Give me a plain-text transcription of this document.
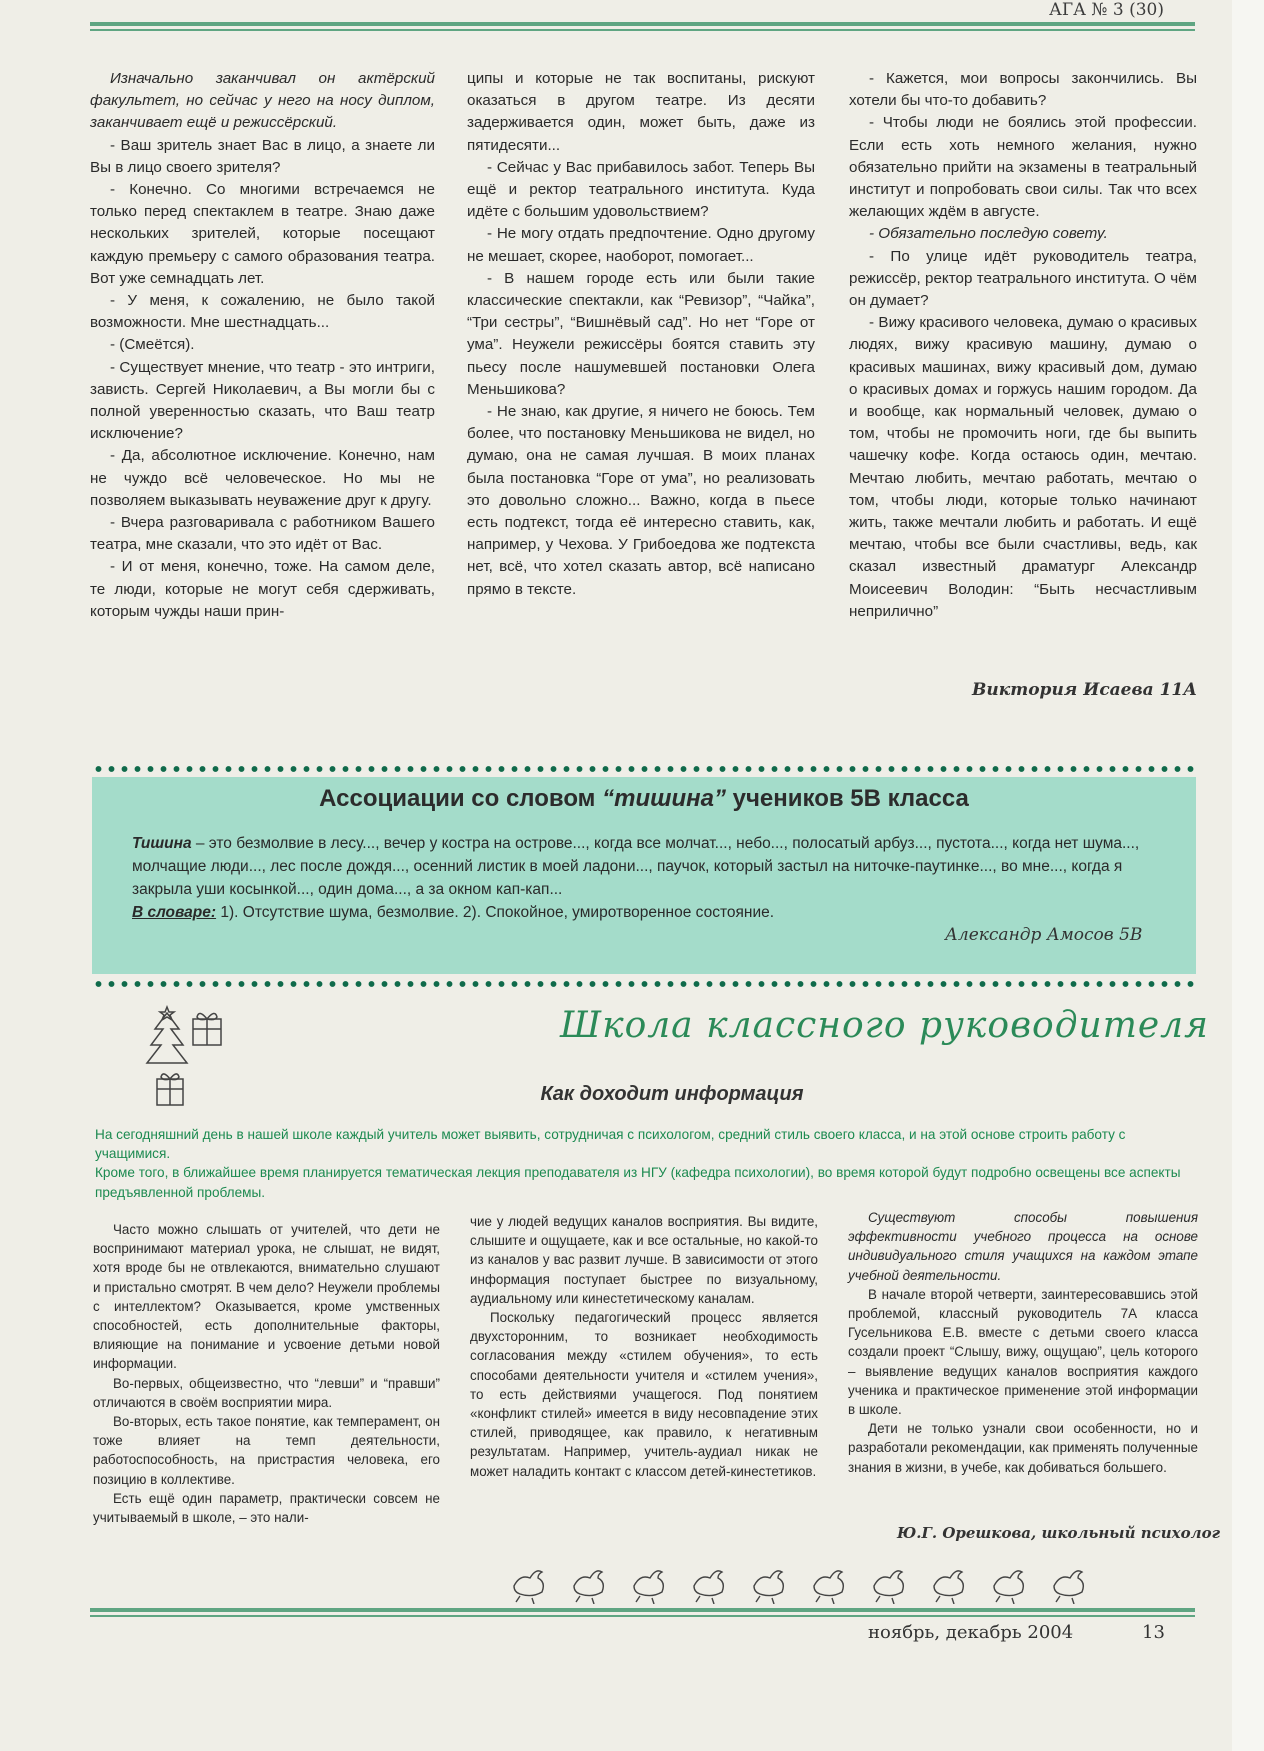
АГА № 3 (30)

Изначально заканчивал он актёрский факультет, но сейчас у него на носу диплом, заканчивает ещё и режиссёрский.

- Ваш зритель знает Вас в лицо, а знаете ли Вы в лицо своего зрителя?

- Конечно. Со многими встречаемся не только перед спектаклем в театре. Знаю даже нескольких зрителей, которые посещают каждую премьеру с самого образования театра. Вот уже семнадцать лет.

- У меня, к сожалению, не было такой возможности. Мне шестнадцать...

- (Смеётся).

- Существует мнение, что театр - это интриги, зависть. Сергей Николаевич, а Вы могли бы с полной уверенностью сказать, что Ваш театр исключение?

- Да, абсолютное исключение. Конечно, нам не чуждо всё человеческое. Но мы не позволяем выказывать неуважение друг к другу.

- Вчера разговаривала с работником Вашего театра, мне сказали, что это идёт от Вас.

- И от меня, конечно, тоже. На самом деле, те люди, которые не могут себя сдерживать, которым чужды наши прин-

ципы и которые не так воспитаны, рискуют оказаться в другом театре. Из десяти задерживается один, может быть, даже из пятидесяти...

- Сейчас у Вас прибавилось забот. Теперь Вы ещё и ректор театрального института. Куда идёте с большим удовольствием?

- Не могу отдать предпочтение. Одно другому не мешает, скорее, наоборот, помогает...

- В нашем городе есть или были такие классические спектакли, как “Ревизор”, “Чайка”, “Три сестры”, “Вишнёвый сад”. Но нет “Горе от ума”. Неужели режиссёры боятся ставить эту пьесу после нашумевшей постановки Олега Меньшикова?

- Не знаю, как другие, я ничего не боюсь. Тем более, что постановку Меньшикова не видел, но думаю, она не самая лучшая. В моих планах была постановка “Горе от ума”, но реализовать это довольно сложно... Важно, когда в пьесе есть подтекст, тогда её интересно ставить, как, например, у Чехова. У Грибоедова же подтекста нет, всё, что хотел сказать автор, всё написано прямо в тексте.

- Кажется, мои вопросы закончились. Вы хотели бы что-то добавить?

- Чтобы люди не боялись этой профессии. Если есть хоть немного желания, нужно обязательно прийти на экзамены в театральный институт и попробовать свои силы. Так что всех желающих ждём в августе.

- Обязательно последую совету.

- По улице идёт руководитель театра, режиссёр, ректор театрального института. О чём он думает?

- Вижу красивого человека, думаю о красивых людях, вижу красивую машину, думаю о красивых машинах, вижу красивый дом, думаю о красивых домах и горжусь нашим городом. Да и вообще, как нормальный человек, думаю о том, чтобы не промочить ноги, где бы выпить чашечку кофе. Когда остаюсь один, мечтаю. Мечтаю любить, мечтаю работать, мечтаю о том, чтобы люди, которые только начинают жить, также мечтали любить и работать. И ещё мечтаю, чтобы все были счастливы, ведь, как сказал известный драматург Александр Моисеевич Володин: “Быть несчастливым неприлично”

Виктория Исаева 11А
Ассоциации со словом “тишина” учеников 5В класса
Тишина – это безмолвие в лесу..., вечер у костра на острове..., когда все молчат..., небо..., полосатый арбуз..., пустота..., когда нет шума..., молчащие люди..., лес после дождя..., осенний листик в моей ладони..., паучок, который застыл на ниточке-паутинке..., во мне..., когда я закрыла уши косынкой..., один дома..., а за окном кап-кап...
В словаре: 1). Отсутствие шума, безмолвие. 2). Спокойное, умиротворенное состояние.
Александр Амосов 5В
Школа классного руководителя
Как доходит информация

На сегодняшний день в нашей школе каждый учитель может выявить, сотрудничая с психологом, средний стиль своего класса, и на этой основе строить работу с учащимися.

Кроме того, в ближайшее время планируется тематическая лекция преподавателя из НГУ (кафедра психологии), во время которой будут подробно освещены все аспекты предъявленной проблемы.

Часто можно слышать от учителей, что дети не воспринимают материал урока, не слышат, не видят, хотя вроде бы не отвлекаются, внимательно слушают и пристально смотрят. В чем дело? Неужели проблемы с интеллектом? Оказывается, кроме умственных способностей, есть дополнительные факторы, влияющие на понимание и усвоение детьми новой информации.

Во-первых, общеизвестно, что “левши” и “правши” отличаются в своём восприятии мира.

Во-вторых, есть такое понятие, как темперамент, он тоже влияет на темп деятельности, работоспособность, на пристрастия человека, его позицию в коллективе.

Есть ещё один параметр, практически совсем не учитываемый в школе, – это нали-

чие у людей ведущих каналов восприятия. Вы видите, слышите и ощущаете, как и все остальные, но какой-то из каналов у вас развит лучше. В зависимости от этого информация поступает быстрее по визуальному, аудиальному или кинестетическому каналам.

Поскольку педагогический процесс является двухсторонним, то возникает необходимость согласования между «стилем обучения», то есть способами деятельности учителя и «стилем учения», то есть действиями учащегося. Под понятием «конфликт стилей» имеется в виду несовпадение этих стилей, приводящее, как правило, к негативным результатам. Например, учитель-аудиал никак не может наладить контакт с классом детей-кинестетиков.

Существуют способы повышения эффективности учебного процесса на основе индивидуального стиля учащихся на каждом этапе учебной деятельности.

В начале второй четверти, заинтересовавшись этой проблемой, классный руководитель 7А класса Гусельникова Е.В. вместе с детьми своего класса создали проект “Слышу, вижу, ощущаю”, цель которого – выявление ведущих каналов восприятия каждого ученика и практическое применение этой информации в школе.

Дети не только узнали свои особенности, но и разработали рекомендации, как применять полученные знания в жизни, в учебе, как добиваться большего.

Ю.Г. Орешкова, школьный психолог
ноябрь, декабрь 2004	13
